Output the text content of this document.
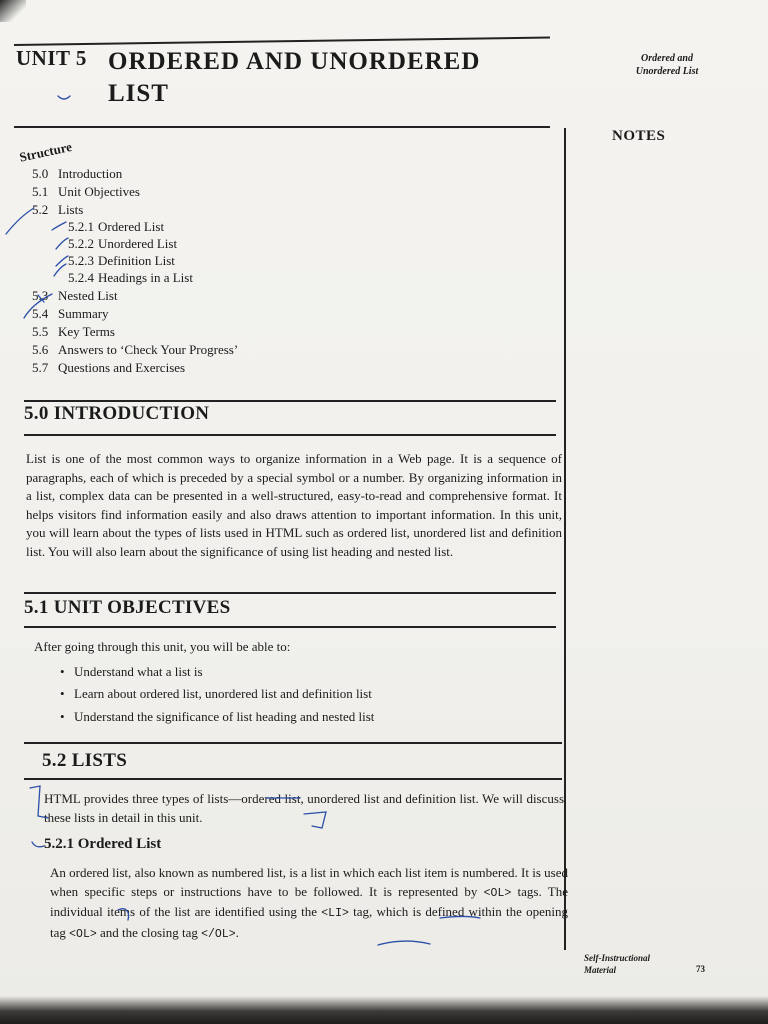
UNIT 5 ORDERED AND UNORDERED
LIST
Ordered and
Unordered List
NOTES
Structure
5.0 Introduction
5.1 Unit Objectives
5.2 Lists
5.2.1 Ordered List
5.2.2 Unordered List
5.2.3 Definition List
5.2.4 Headings in a List
5.3 Nested List
5.4 Summary
5.5 Key Terms
5.6 Answers to ‘Check Your Progress’
5.7 Questions and Exercises
5.0 INTRODUCTION

List is one of the most common ways to organize information in a Web page. It is a sequence of paragraphs, each of which is preceded by a special symbol or a number. By organizing information in a list, complex data can be presented in a well-structured, easy-to-read and comprehensive format. It helps visitors find information easily and also draws attention to important information. In this unit, you will learn about the types of lists used in HTML such as ordered list, unordered list and definition list. You will also learn about the significance of using list heading and nested list.

5.1 UNIT OBJECTIVES
After going through this unit, you will be able to:
• Understand what a list is
• Learn about ordered list, unordered list and definition list
• Understand the significance of list heading and nested list
5.2 LISTS

HTML provides three types of lists—ordered list, unordered list and definition list. We will discuss these lists in detail in this unit.

5.2.1 Ordered List

An ordered list, also known as numbered list, is a list in which each list item is numbered. It is used when specific steps or instructions have to be followed. It is represented by <OL> tags. The individual items of the list are identified using the <LI> tag, which is defined within the opening tag <OL> and the closing tag </OL>.

Self-Instructional
Material	73
